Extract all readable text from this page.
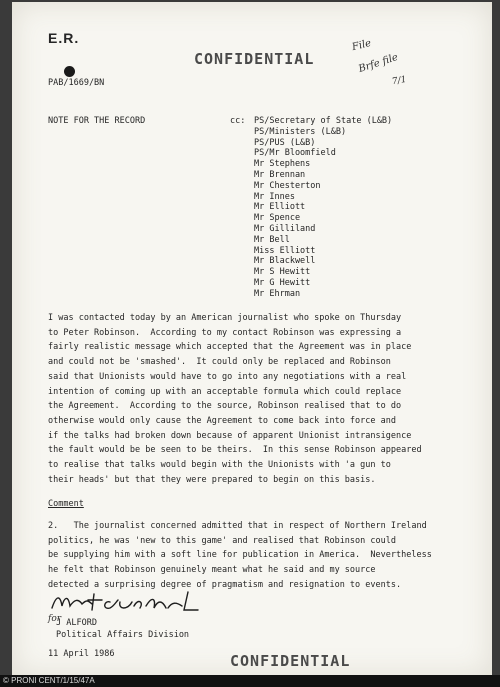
E.R.
PAB/1669/BN
CONFIDENTIAL
File
Brfe file
7/1
NOTE FOR THE RECORD	cc: PS/Secretary of State (L&B)
PS/Ministers (L&B)
PS/PUS (L&B)
PS/Mr Bloomfield
Mr Stephens
Mr Brennan
Mr Chesterton
Mr Innes
Mr Elliott
Mr Spence
Mr Gilliland
Mr Bell
Miss Elliott
Mr Blackwell
Mr S Hewitt
Mr G Hewitt
Mr Ehrman
I was contacted today by an American journalist who spoke on Thursday
to Peter Robinson.  According to my contact Robinson was expressing a
fairly realistic message which accepted that the Agreement was in place
and could not be 'smashed'.  It could only be replaced and Robinson
said that Unionists would have to go into any negotiations with a real
intention of coming up with an acceptable formula which could replace
the Agreement.  According to the source, Robinson realised that to do
otherwise would only cause the Agreement to come back into force and
if the talks had broken down because of apparent Unionist intransigence
the fault would be be seen to be theirs.  In this sense Robinson appeared
to realise that talks would begin with the Unionists with 'a gun to
their heads' but that they were prepared to begin on this basis.
Comment
2.   The journalist concerned admitted that in respect of Northern Ireland
politics, he was 'new to this game' and realised that Robinson could
be supplying him with a soft line for publication in America.  Nevertheless
he felt that Robinson genuinely meant what he said and my source
detected a surprising degree of pragmatism and resignation to events.
for
J ALFORD
Political Affairs Division
11 April 1986	CONFIDENTIAL
© PRONI CENT/1/15/47A
